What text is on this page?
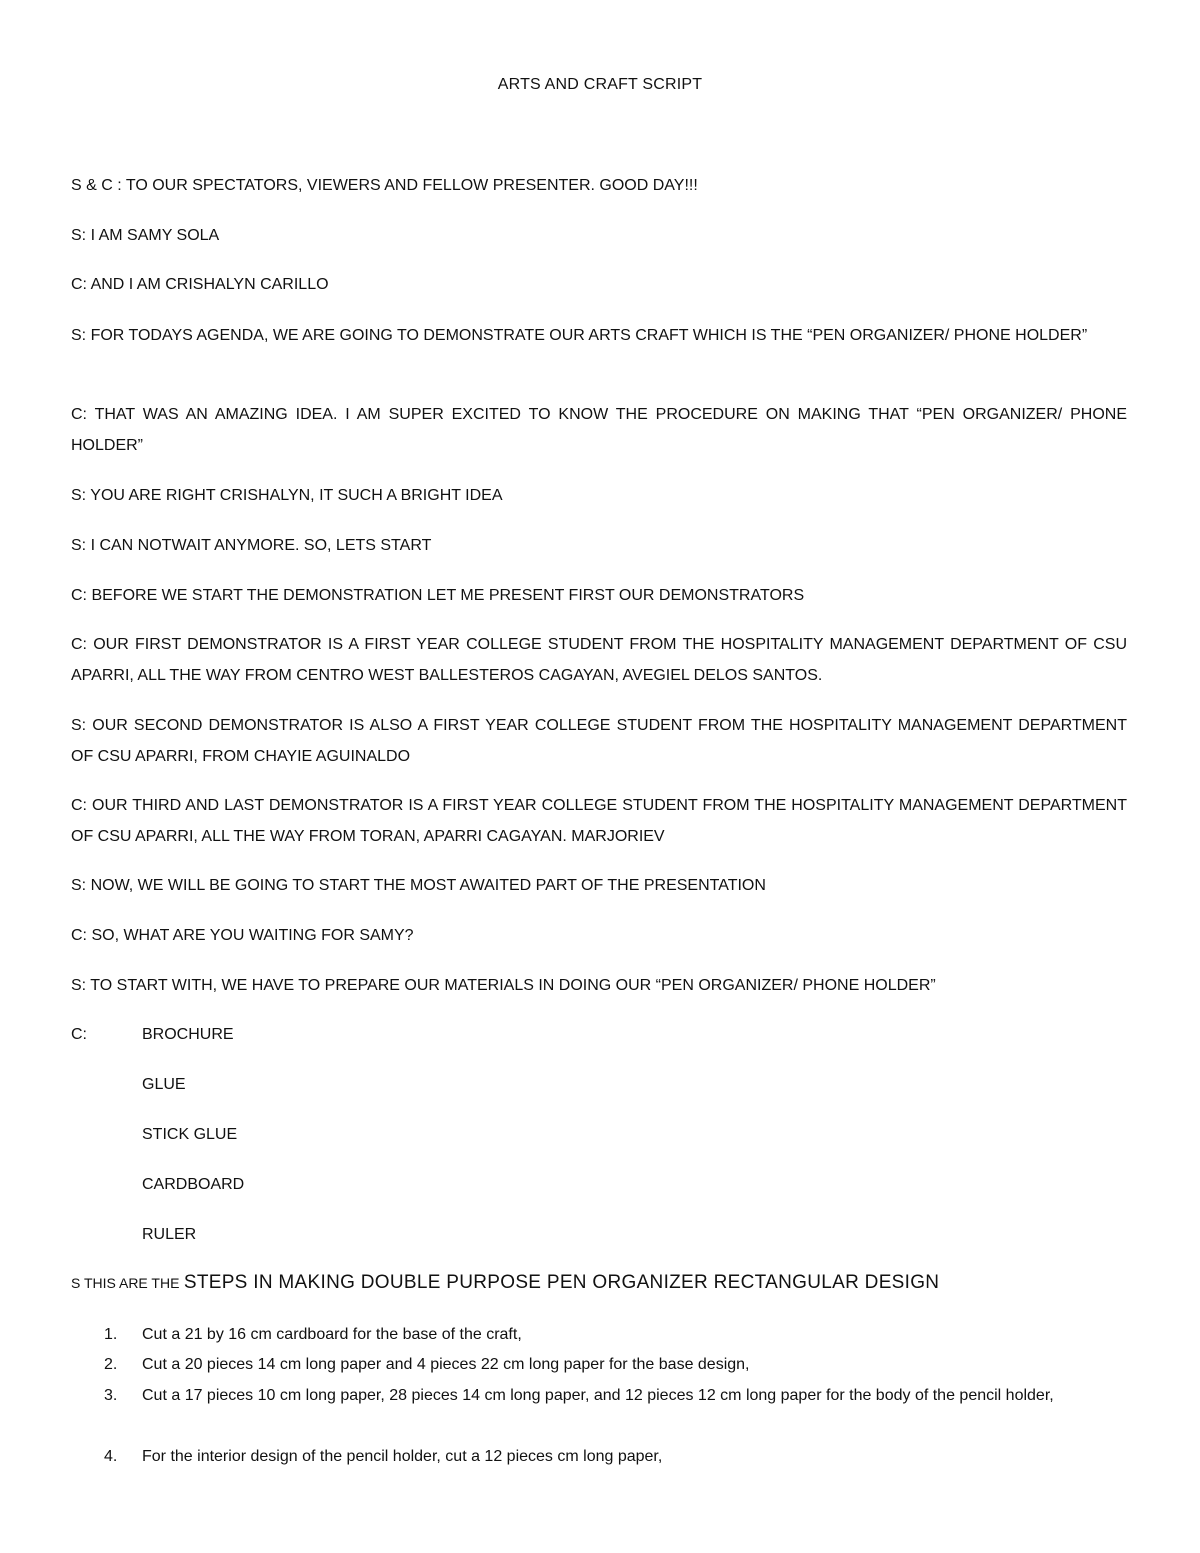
ARTS AND CRAFT SCRIPT
S & C : TO OUR SPECTATORS, VIEWERS AND FELLOW PRESENTER. GOOD DAY!!!
S: I AM SAMY SOLA
C: AND I AM CRISHALYN CARILLO
S: FOR TODAYS AGENDA, WE ARE GOING TO DEMONSTRATE OUR ARTS CRAFT WHICH IS THE “PEN ORGANIZER/ PHONE HOLDER”
C: THAT WAS AN AMAZING IDEA. I AM SUPER EXCITED TO KNOW THE PROCEDURE ON MAKING THAT “PEN ORGANIZER/ PHONE HOLDER”
S: YOU ARE RIGHT CRISHALYN, IT SUCH A BRIGHT IDEA
S: I CAN NOTWAIT ANYMORE. SO, LETS START
C: BEFORE WE START THE DEMONSTRATION LET ME PRESENT FIRST OUR DEMONSTRATORS
C: OUR FIRST DEMONSTRATOR IS A FIRST YEAR COLLEGE STUDENT FROM THE HOSPITALITY MANAGEMENT DEPARTMENT OF CSU APARRI, ALL THE WAY FROM CENTRO WEST BALLESTEROS CAGAYAN, AVEGIEL DELOS SANTOS.
S: OUR SECOND DEMONSTRATOR IS ALSO A FIRST YEAR COLLEGE STUDENT FROM THE HOSPITALITY MANAGEMENT DEPARTMENT OF CSU APARRI, FROM CHAYIE AGUINALDO
C: OUR THIRD AND LAST DEMONSTRATOR IS A FIRST YEAR COLLEGE STUDENT FROM THE HOSPITALITY MANAGEMENT DEPARTMENT OF CSU APARRI, ALL THE WAY FROM TORAN, APARRI CAGAYAN. MARJORIEV
S: NOW, WE WILL BE GOING TO START THE MOST AWAITED PART OF THE PRESENTATION
C: SO, WHAT ARE YOU WAITING FOR SAMY?
S: TO START WITH, WE HAVE TO PREPARE OUR MATERIALS IN DOING OUR “PEN ORGANIZER/ PHONE HOLDER”
C:	BROCHURE
GLUE
STICK GLUE
CARDBOARD
RULER
S THIS ARE THE STEPS IN MAKING DOUBLE PURPOSE PEN ORGANIZER RECTANGULAR DESIGN
1.	Cut a 21 by 16 cm cardboard for the base of the craft,
2.	Cut a 20 pieces 14 cm long paper and 4 pieces 22 cm long paper for the base design,
3.	Cut a 17 pieces 10 cm long paper, 28 pieces 14 cm long paper, and 12 pieces 12 cm long paper for the body of the pencil holder,
4.	For the interior design of the pencil holder, cut a 12 pieces cm long paper,
